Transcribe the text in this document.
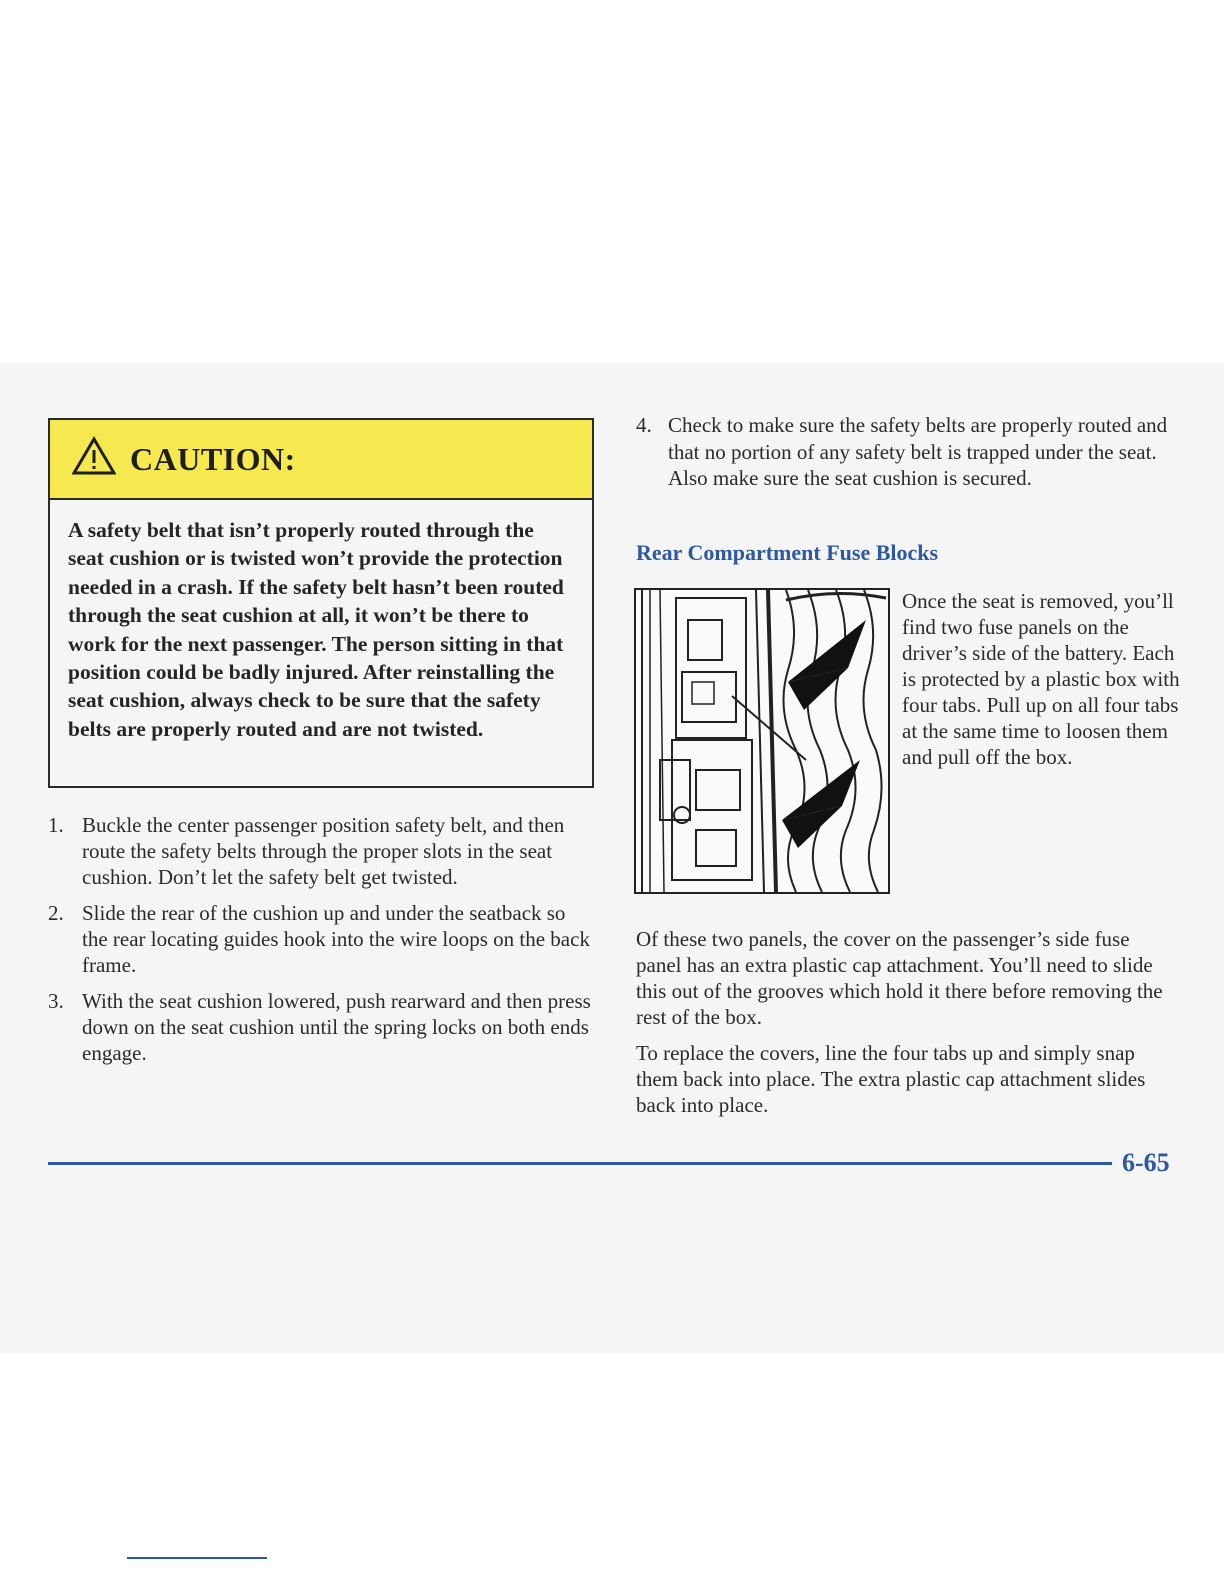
CAUTION:
A safety belt that isn’t properly routed through the seat cushion or is twisted won’t provide the protection needed in a crash. If the safety belt hasn’t been routed through the seat cushion at all, it won’t be there to work for the next passenger. The person sitting in that position could be badly injured. After reinstalling the seat cushion, always check to be sure that the safety belts are properly routed and are not twisted.
1. Buckle the center passenger position safety belt, and then route the safety belts through the proper slots in the seat cushion. Don’t let the safety belt get twisted.
2. Slide the rear of the cushion up and under the seatback so the rear locating guides hook into the wire loops on the back frame.
3. With the seat cushion lowered, push rearward and then press down on the seat cushion until the spring locks on both ends engage.
4. Check to make sure the safety belts are properly routed and that no portion of any safety belt is trapped under the seat. Also make sure the seat cushion is secured.
Rear Compartment Fuse Blocks
Once the seat is removed, you’ll find two fuse panels on the driver’s side of the battery. Each is protected by a plastic box with four tabs. Pull up on all four tabs at the same time to loosen them and pull off the box.

Of these two panels, the cover on the passenger’s side fuse panel has an extra plastic cap attachment. You’ll need to slide this out of the grooves which hold it there before removing the rest of the box.

To replace the covers, line the four tabs up and simply snap them back into place. The extra plastic cap attachment slides back into place.

6-65
